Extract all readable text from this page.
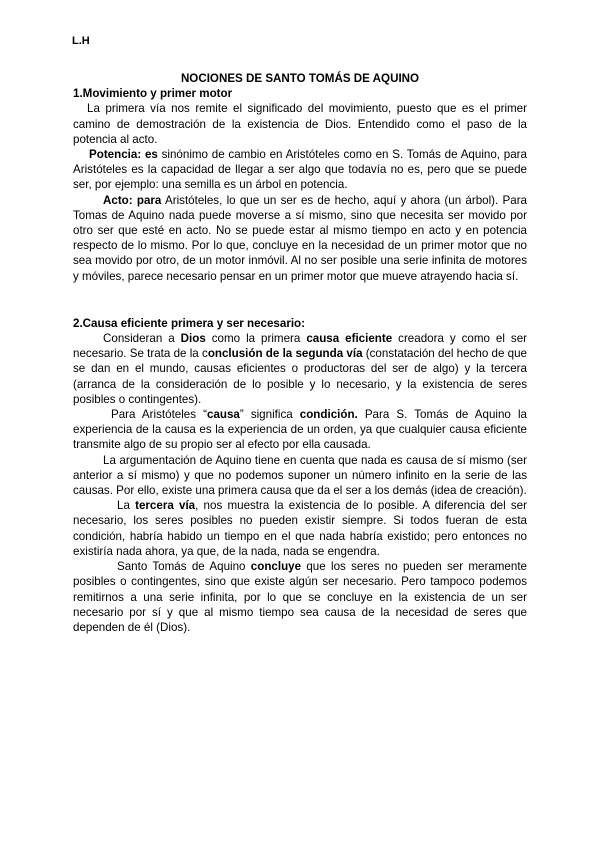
L.H

NOCIONES DE SANTO TOMÁS DE AQUINO

1.Movimiento y primer motor

La primera vía nos remite el significado del movimiento, puesto que es el primer camino de demostración de la existencia de Dios. Entendido como el paso de la potencia al acto.

Potencia: es sinónimo de cambio en Aristóteles como en S. Tomás de Aquino, para Aristóteles es la capacidad de llegar a ser algo que todavía no es, pero que se puede ser, por ejemplo: una semilla es un árbol en potencia.

Acto: para Aristóteles, lo que un ser es de hecho, aquí y ahora (un árbol). Para Tomas de Aquino nada puede moverse a sí mismo, sino que necesita ser movido por otro ser que esté en acto. No se puede estar al mismo tiempo en acto y en potencia respecto de lo mismo. Por lo que, concluye en la necesidad de un primer motor que no sea movido por otro, de un motor inmóvil. Al no ser posible una serie infinita de motores y móviles, parece necesario pensar en un primer motor que mueve atrayendo hacia sí.

2.Causa eficiente primera y ser necesario:

Consideran a Dios como la primera causa eficiente creadora y como el ser necesario. Se trata de la conclusión de la segunda vía (constatación del hecho de que se dan en el mundo, causas eficientes o productoras del ser de algo) y la tercera (arranca de la consideración de lo posible y lo necesario, y la existencia de seres posibles o contingentes).

Para Aristóteles “causa” significa condición. Para S. Tomás de Aquino la experiencia de la causa es la experiencia de un orden, ya que cualquier causa eficiente transmite algo de su propio ser al efecto por ella causada.

La argumentación de Aquino tiene en cuenta que nada es causa de sí mismo (ser anterior a sí mismo) y que no podemos suponer un número infinito en la serie de las causas. Por ello, existe una primera causa que da el ser a los demás (idea de creación).

La tercera vía, nos muestra la existencia de lo posible. A diferencia del ser necesario, los seres posibles no pueden existir siempre. Si todos fueran de esta condición, habría habido un tiempo en el que nada habría existido; pero entonces no existiría nada ahora, ya que, de la nada, nada se engendra.

Santo Tomás de Aquino concluye que los seres no pueden ser meramente posibles o contingentes, sino que existe algún ser necesario. Pero tampoco podemos remitirnos a una serie infinita, por lo que se concluye en la existencia de un ser necesario por sí y que al mismo tiempo sea causa de la necesidad de seres que dependen de él (Dios).
